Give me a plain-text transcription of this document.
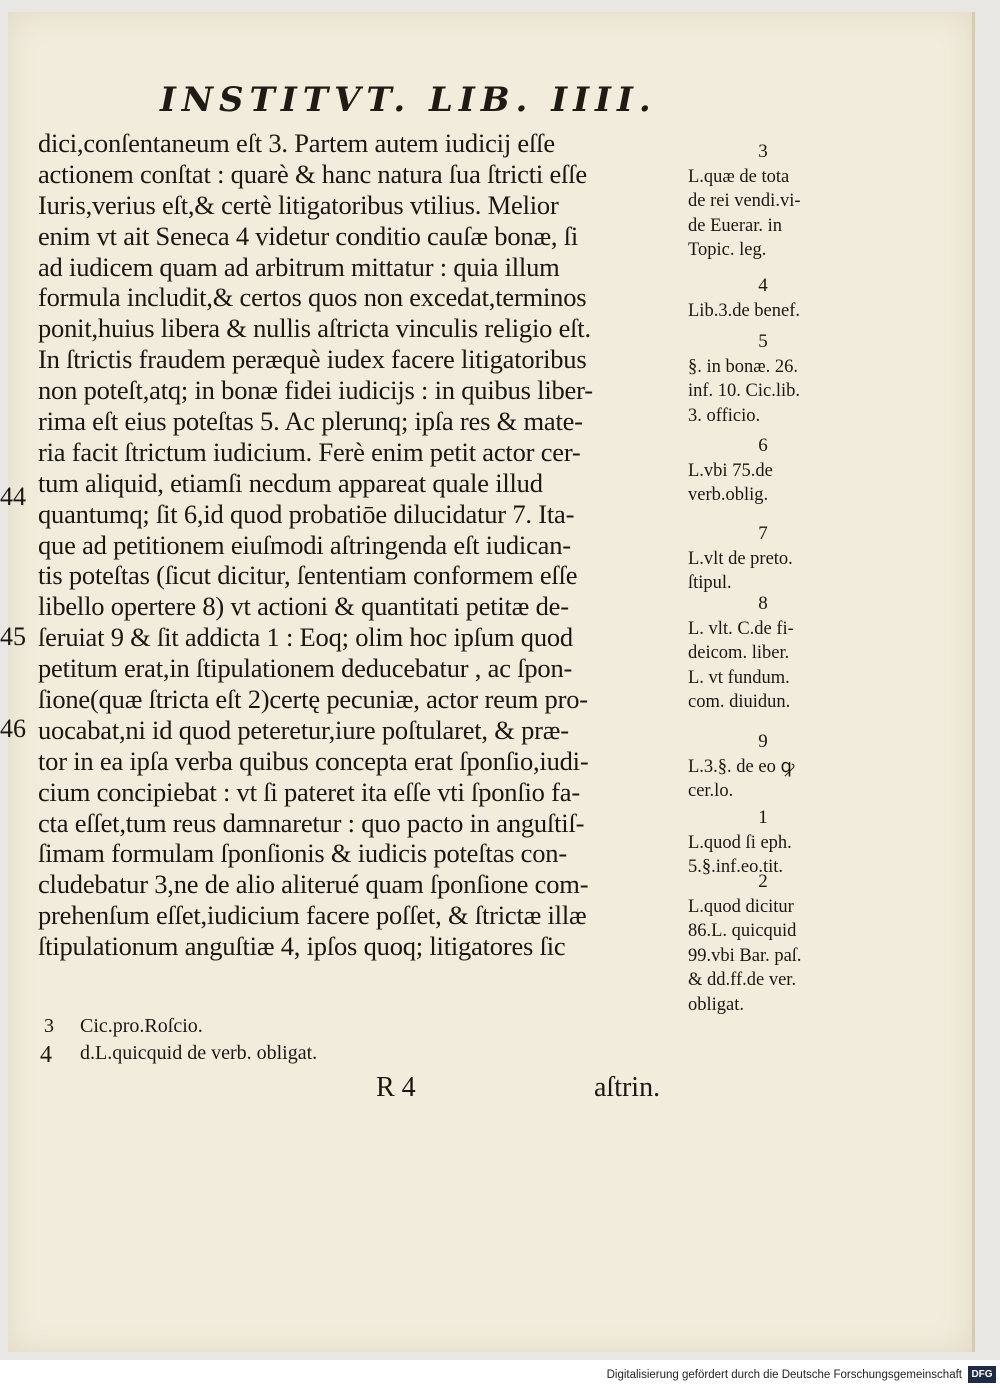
INSTITVT. LIB. IIII.
dici,conſentaneum eſt 3. Partem autem iudicij eſſe
actionem conſtat : quarè & hanc natura ſua ſtricti eſſe
Iuris,verius eſt,& certè litigatoribus vtilius. Melior
enim vt ait Seneca 4 videtur conditio cauſæ bonæ, ſi
ad iudicem quam ad arbitrum mittatur : quia illum
formula includit,& certos quos non excedat,terminos
ponit,huius libera & nullis aſtricta vinculis religio eſt.
In ſtrictis fraudem peræquè iudex facere litigatoribus
non poteſt,atq; in bonæ fidei iudicijs : in quibus liber-
rima eſt eius poteſtas 5. Ac plerunq; ipſa res & mate-
ria facit ſtrictum iudicium. Ferè enim petit actor cer-
tum aliquid, etiamſi necdum appareat quale illud
quantumq; ſit 6,id quod probatiōe dilucidatur 7. Ita-
que ad petitionem eiuſmodi aſtringenda eſt iudican-
tis poteſtas (ſicut dicitur, ſententiam conformem eſſe
libello opertere 8) vt actioni & quantitati petitæ de-
ſeruiat 9 & ſit addicta 1 : Eoq; olim hoc ipſum quod
petitum erat,in ſtipulationem deducebatur , ac ſpon-
ſione(quæ ſtricta eſt 2)certę pecuniæ, actor reum pro-
uocabat,ni id quod peteretur,iure poſtularet, & præ-
tor in ea ipſa verba quibus concepta erat ſponſio,iudi-
cium concipiebat : vt ſi pateret ita eſſe vti ſponſio fa-
cta eſſet,tum reus damnaretur : quo pacto in anguſtiſ-
ſimam formulam ſponſionis & iudicis poteſtas con-
cludebatur 3,ne de alio aliterué quam ſponſione com-
prehenſum eſſet,iudicium facere poſſet, & ſtrictæ illæ
ſtipulationum anguſtiæ 4, ipſos quoq; litigatores ſic
44
45
46
3 Cic.pro.Roſcio.
4 d.L.quicquid de verb. obligat.
3
L.quæ de tota
de rei vendi.vi-
de Euerar. in
Topic. leg.
4
Lib.3.de benef.
5
§. in bonæ. 26.
inf. 10. Cic.lib.
3. officio.
6
L.vbi 75.de
verb.oblig.
7
L.vlt de preto.
ſtipul.
8
L. vlt. C.de fi-
deicom. liber.
L. vt fundum.
com. diuidun.
9
L.3.§. de eo ꝙ
cer.lo.
1
L.quod ſi eph.
5.§.inf.eo.tit.
2
L.quod dicitur
86.L. quicquid
99.vbi Bar. paſ.
& dd.ff.de ver.
obligat.
R 4	aſtrin.
Digitalisierung gefördert durch die Deutsche Forschungsgemeinschaft DFG
